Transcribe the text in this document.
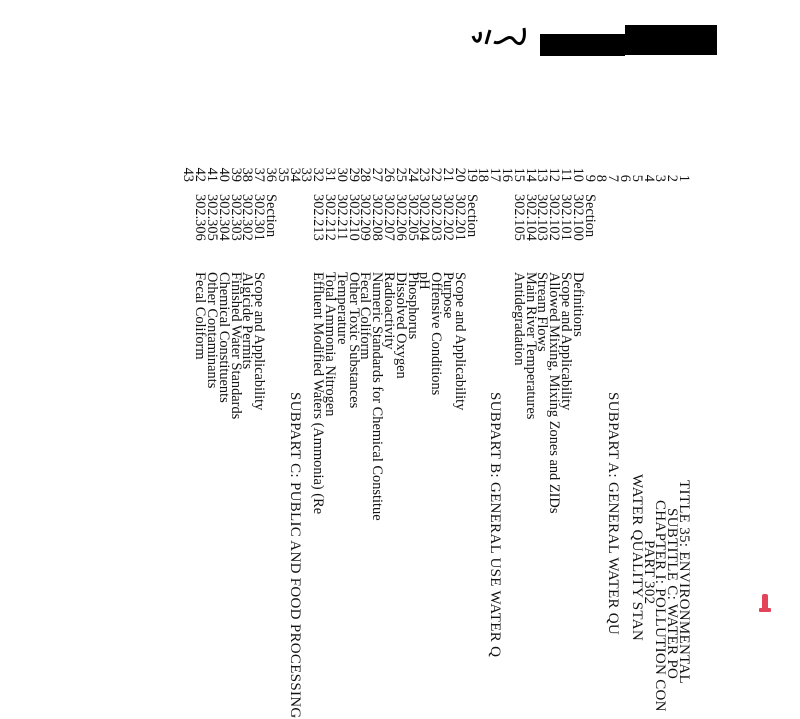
1
2
3
4
5
6
7
8
9
10
11
12
13
14
15
16
17
18
19
20
21
22
23
24
25
26
27
28
29
30
31
32
33
34
35
36
37
38
39
40
41
42
43
TITLE 35: ENVIRONMENTAL
SUBTITLE C: WATER PO
CHAPTER I: POLLUTION CON
PART 302
WATER QUALITY STAN
SUBPART A: GENERAL WATER QU
Section
302.100
Definitions
302.101
Scope and Applicability
302.102
Allowed Mixing, Mixing Zones and ZIDs
302.103
Stream Flows
302.104
Main River Temperatures
302.105
Antidegradation
SUBPART B: GENERAL USE WATER Q
Section
302.201
Scope and Applicability
302.202
Purpose
302.203
Offensive Conditions
302.204
pH
302.205
Phosphorus
302.206
Dissolved Oxygen
302.207
Radioactivity
302.208
Numeric Standards for Chemical Constitue
302.209
Fecal Coliform
302.210
Other Toxic Substances
302.211
Temperature
302.212
Total Ammonia Nitrogen
302.213
Effluent Modified Waters (Ammonia) (Re
SUBPART C: PUBLIC AND FOOD PROCESSING
Section
302.301
Scope and Applicability
302.302
Algicide Permits
302.303
Finished Water Standards
302.304
Chemical Constituents
302.305
Other Contaminants
302.306
Fecal Coliform
